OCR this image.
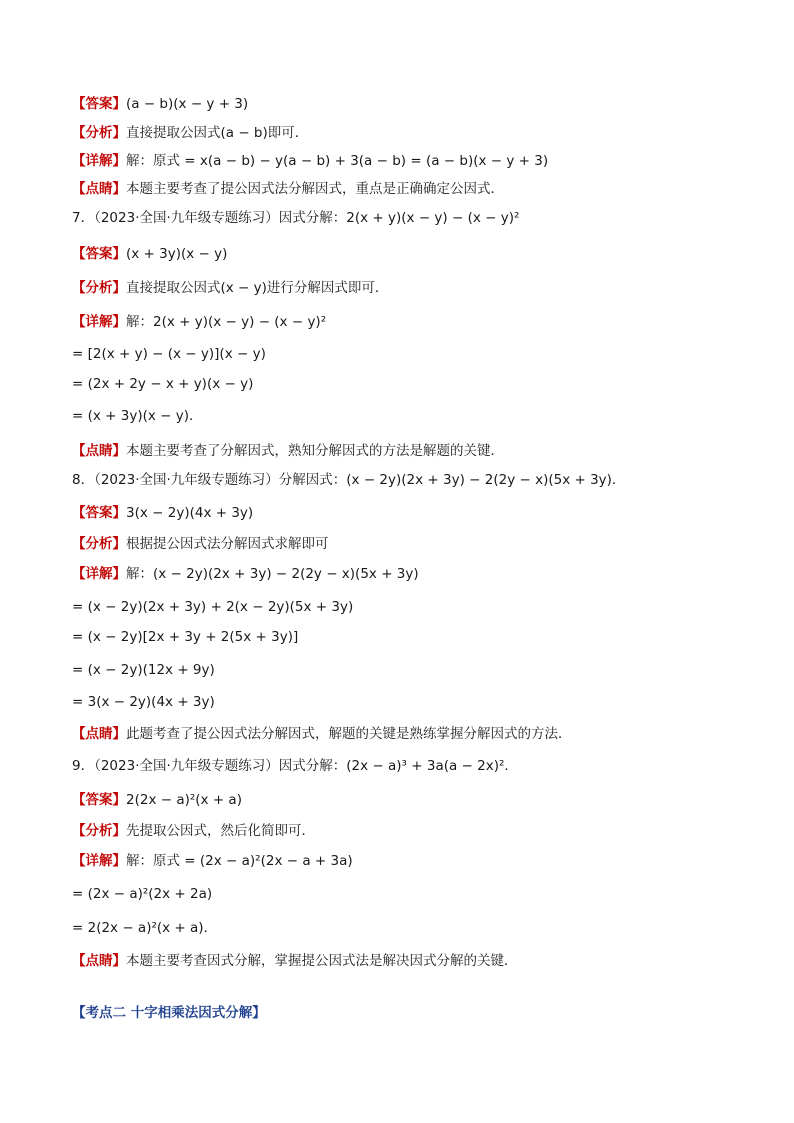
【答案】(a − b)(x − y + 3)
【分析】直接提取公因式(a − b)即可．
【详解】解：原式 = x(a − b) − y(a − b) + 3(a − b) = (a − b)(x − y + 3)
【点睛】本题主要考查了提公因式法分解因式，重点是正确确定公因式．
7．（2023·全国·九年级专题练习）因式分解：2(x + y)(x − y) − (x − y)²
【答案】(x + 3y)(x − y)
【分析】直接提取公因式(x − y)进行分解因式即可．
【详解】解：2(x + y)(x − y) − (x − y)²
= [2(x + y) − (x − y)](x − y)
= (2x + 2y − x + y)(x − y)
= (x + 3y)(x − y)．
【点睛】本题主要考查了分解因式，熟知分解因式的方法是解题的关键．
8．（2023·全国·九年级专题练习）分解因式：(x − 2y)(2x + 3y) − 2(2y − x)(5x + 3y)．
【答案】3(x − 2y)(4x + 3y)
【分析】根据提公因式法分解因式求解即可
【详解】解：(x − 2y)(2x + 3y) − 2(2y − x)(5x + 3y)
= (x − 2y)(2x + 3y) + 2(x − 2y)(5x + 3y)
= (x − 2y)[2x + 3y + 2(5x + 3y)]
= (x − 2y)(12x + 9y)
= 3(x − 2y)(4x + 3y)
【点睛】此题考查了提公因式法分解因式，解题的关键是熟练掌握分解因式的方法．
9．（2023·全国·九年级专题练习）因式分解：(2x − a)³ + 3a(a − 2x)²．
【答案】2(2x − a)²(x + a)
【分析】先提取公因式，然后化简即可．
【详解】解：原式 = (2x − a)²(2x − a + 3a)
= (2x − a)²(2x + 2a)
= 2(2x − a)²(x + a)．
【点睛】本题主要考查因式分解，掌握提公因式法是解决因式分解的关键．
【考点二 十字相乘法因式分解】
